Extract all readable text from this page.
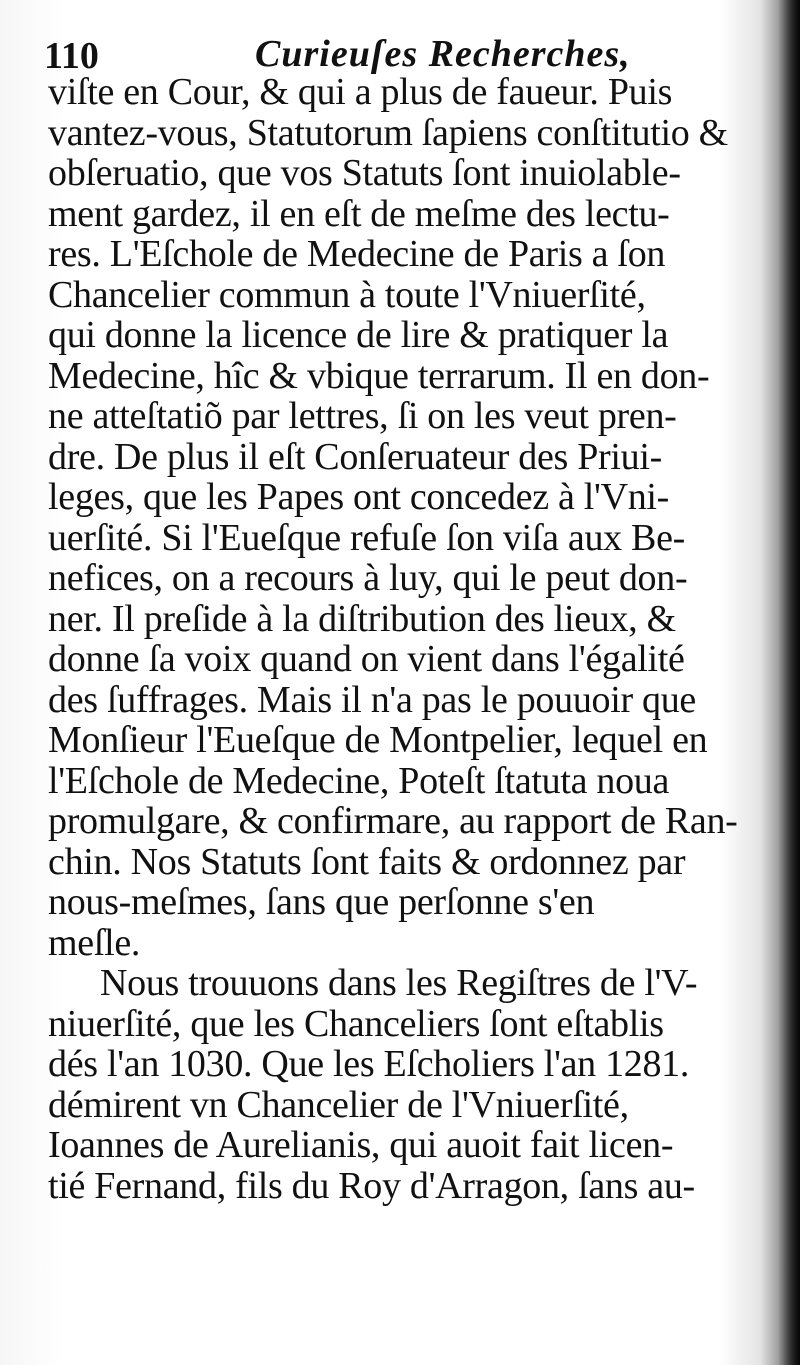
110	Curieuſes Recherches,
viſte en Cour, & qui a plus de faueur. Puis
vantez-vous, Statutorum ſapiens conſtitutio &
obſeruatio, que vos Statuts ſont inuiolable-
ment gardez, il en eſt de meſme des lectu-
res. L'Eſchole de Medecine de Paris a ſon
Chancelier commun à toute l'Vniuerſité,
qui donne la licence de lire & pratiquer la
Medecine, hîc & vbique terrarum. Il en don-
ne atteſtatiõ par lettres, ſi on les veut pren-
dre. De plus il eſt Conſeruateur des Priui-
leges, que les Papes ont concedez à l'Vni-
uerſité. Si l'Eueſque refuſe ſon viſa aux Be-
nefices, on a recours à luy, qui le peut don-
ner. Il preſide à la diſtribution des lieux, &
donne ſa voix quand on vient dans l'égalité
des ſuffrages. Mais il n'a pas le pouuoir que
Monſieur l'Eueſque de Montpelier, lequel en
l'Eſchole de Medecine, Poteſt ſtatuta noua
promulgare, & confirmare, au rapport de Ran-
chin. Nos Statuts ſont faits & ordonnez par
nous-meſmes, ſans que perſonne s'en
meſle.
Nous trouuons dans les Regiſtres de l'V-
niuerſité, que les Chanceliers ſont eſtablis
dés l'an 1030. Que les Eſcholiers l'an 1281.
démirent vn Chancelier de l'Vniuerſité,
Ioannes de Aurelianis, qui auoit fait licen-
tié Fernand, fils du Roy d'Arragon, ſans au-
